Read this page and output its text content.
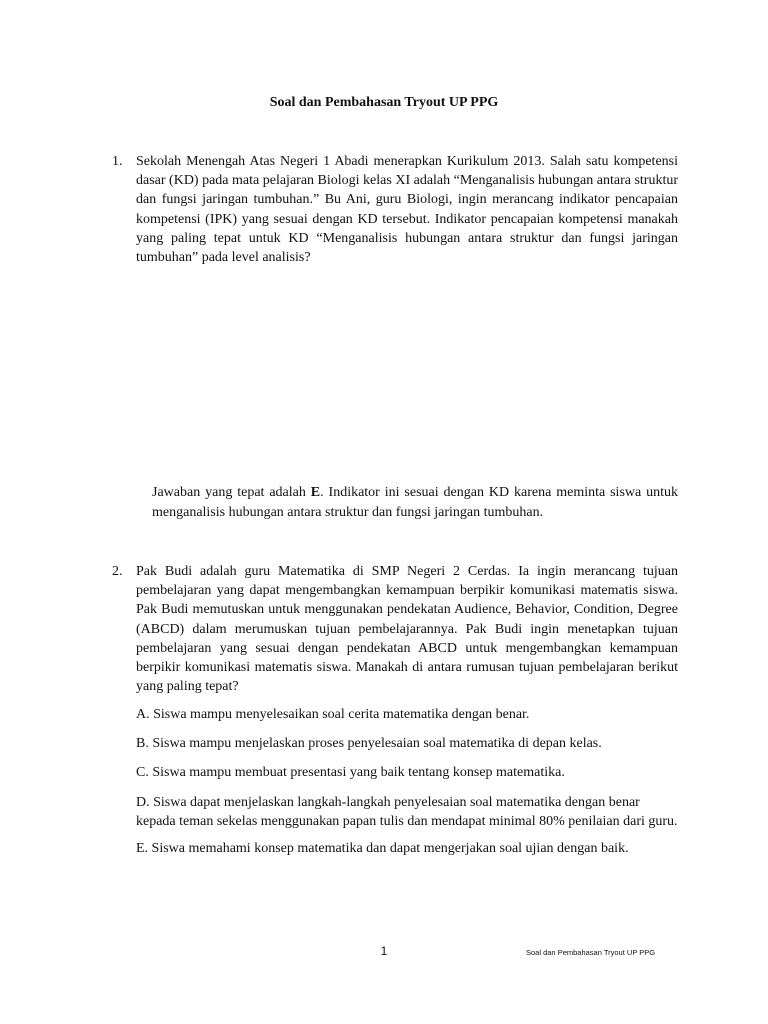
Soal dan Pembahasan Tryout UP PPG
1. Sekolah Menengah Atas Negeri 1 Abadi menerapkan Kurikulum 2013. Salah satu kompetensi dasar (KD) pada mata pelajaran Biologi kelas XI adalah “Menganalisis hubungan antara struktur dan fungsi jaringan tumbuhan.” Bu Ani, guru Biologi, ingin merancang indikator pencapaian kompetensi (IPK) yang sesuai dengan KD tersebut. Indikator pencapaian kompetensi manakah yang paling tepat untuk KD “Menganalisis hubungan antara struktur dan fungsi jaringan tumbuhan” pada level analisis?
Jawaban yang tepat adalah E. Indikator ini sesuai dengan KD karena meminta siswa untuk menganalisis hubungan antara struktur dan fungsi jaringan tumbuhan.
2. Pak Budi adalah guru Matematika di SMP Negeri 2 Cerdas. Ia ingin merancang tujuan pembelajaran yang dapat mengembangkan kemampuan berpikir komunikasi matematis siswa. Pak Budi memutuskan untuk menggunakan pendekatan Audience, Behavior, Condition, Degree (ABCD) dalam merumuskan tujuan pembelajarannya. Pak Budi ingin menetapkan tujuan pembelajaran yang sesuai dengan pendekatan ABCD untuk mengembangkan kemampuan berpikir komunikasi matematis siswa. Manakah di antara rumusan tujuan pembelajaran berikut yang paling tepat?
A. Siswa mampu menyelesaikan soal cerita matematika dengan benar.
B. Siswa mampu menjelaskan proses penyelesaian soal matematika di depan kelas.
C. Siswa mampu membuat presentasi yang baik tentang konsep matematika.
D. Siswa dapat menjelaskan langkah-langkah penyelesaian soal matematika dengan benar kepada teman sekelas menggunakan papan tulis dan mendapat minimal 80% penilaian dari guru.
E. Siswa memahami konsep matematika dan dapat mengerjakan soal ujian dengan baik.
1	Soal dan Pembahasan Tryout UP PPG
